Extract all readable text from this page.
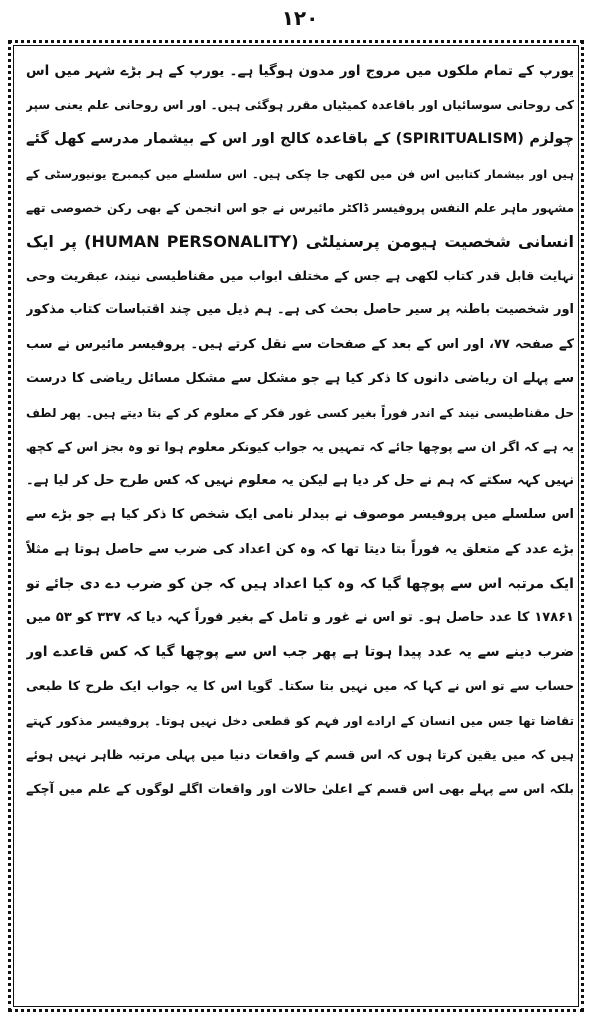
۱۲۰
یورپ کے تمام ملکوں میں مروج اور مدون ہوگیا ہے۔ یورپ کے ہر بڑے شہر میں اس
کی روحانی سوسائیاں اور باقاعدہ کمیٹیاں مقرر ہوگئی ہیں۔ اور اس روحانی علم یعنی سپر
چولزم (SPIRITUALISM) کے باقاعدہ کالج اور اس کے بیشمار مدرسے کھل گئے
ہیں اور بیشمار کتابیں اس فن میں لکھی جا چکی ہیں۔ اس سلسلے میں کیمبرج یونیورسٹی کے
مشہور ماہر علم النفس پروفیسر ڈاکٹر مائیرس نے جو اس انجمن کے بھی رکن خصوصی تھے
انسانی شخصیت ہیومن پرسنیلٹی (HUMAN PERSONALITY) پر ایک
نہایت قابل قدر کتاب لکھی ہے جس کے مختلف ابواب میں مقناطیسی نیند، عبقریت وحی
اور شخصیت باطنہ پر سیر حاصل بحث کی ہے۔ ہم ذیل میں چند اقتباسات کتاب مذکور
کے صفحہ ۷۷، اور اس کے بعد کے صفحات سے نقل کرتے ہیں۔ پروفیسر مائیرس نے سب
سے پہلے ان ریاضی دانوں کا ذکر کیا ہے جو مشکل سے مشکل مسائل ریاضی کا درست
حل مقناطیسی نیند کے اندر فوراً بغیر کسی غور فکر کے معلوم کر کے بتا دیتے ہیں۔ پھر لطف
یہ ہے کہ اگر ان سے پوچھا جائے کہ تمہیں یہ جواب کیونکر معلوم ہوا تو وہ بجز اس کے کچھ
نہیں کہہ سکتے کہ ہم نے حل کر دیا ہے لیکن یہ معلوم نہیں کہ کس طرح حل کر لیا ہے۔
اس سلسلے میں پروفیسر موصوف نے بیدلر نامی ایک شخص کا ذکر کیا ہے جو بڑے سے
بڑے عدد کے متعلق یہ فوراً بتا دیتا تھا کہ وہ کن اعداد کی ضرب سے حاصل ہوتا ہے مثلاً
ایک مرتبہ اس سے پوچھا گیا کہ وہ کیا اعداد ہیں کہ جن کو ضرب دے دی جائے تو
۱۷۸۶۱ کا عدد حاصل ہو۔ تو اس نے غور و تامل کے بغیر فوراً کہہ دیا کہ ۳۳۷ کو ۵۳ میں
ضرب دینے سے یہ عدد پیدا ہوتا ہے پھر جب اس سے پوچھا گیا کہ کس قاعدے اور
حساب سے تو اس نے کہا کہ میں نہیں بتا سکتا۔ گویا اس کا یہ جواب ایک طرح کا طبعی
تقاضا تھا جس میں انسان کے ارادے اور فہم کو قطعی دخل نہیں ہوتا۔ پروفیسر مذکور کہتے
ہیں کہ میں یقین کرتا ہوں کہ اس قسم کے واقعات دنیا میں پہلی مرتبہ ظاہر نہیں ہوئے
بلکہ اس سے پہلے بھی اس قسم کے اعلیٰ حالات اور واقعات اگلے لوگوں کے علم میں آچکے
